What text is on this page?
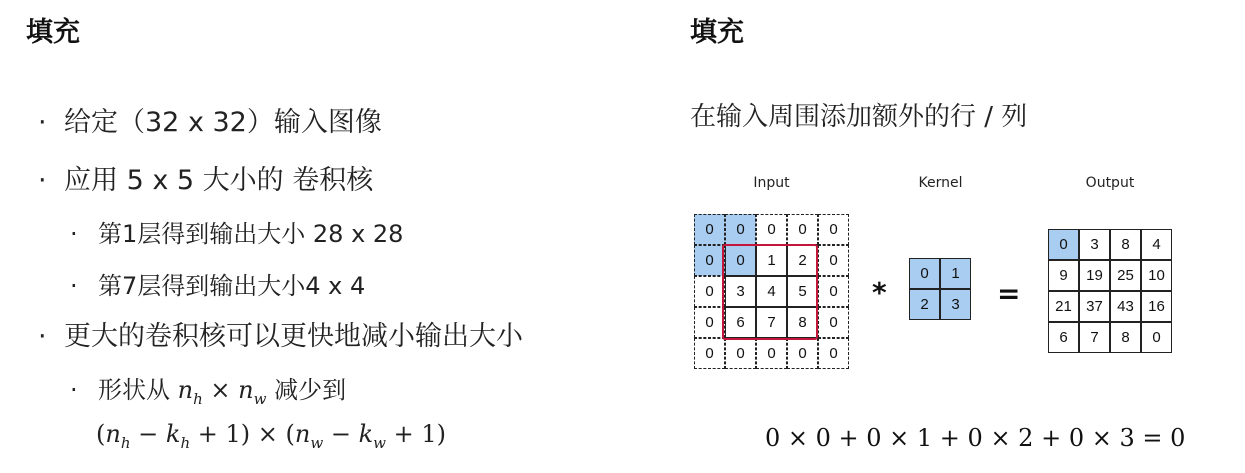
填充
· 给定（32 x 32）输入图像
· 应用 5 x 5 大小的 卷积核
· 第1层得到输出大小 28 x 28
· 第7层得到输出大小4 x 4
· 更大的卷积核可以更快地减小输出大小
· 形状从 $n_h \times n_w$ 减少到
$(n_h - k_h + 1) \times (n_w - k_w + 1)$
填充
在输入周围添加额外的行 / 列
Input	Kernel	Output
0	0	0	0	0
0	0	1	2	0
0	3	4	5	0
0	6	7	8	0
0	0	0	0	0
*
0	1
2	3	=
0	3	8	4
9	19 25 10
21 37 43 16
6	7	8	0
0 × 0 + 0 × 1 + 0 × 2 + 0 × 3 = 0
